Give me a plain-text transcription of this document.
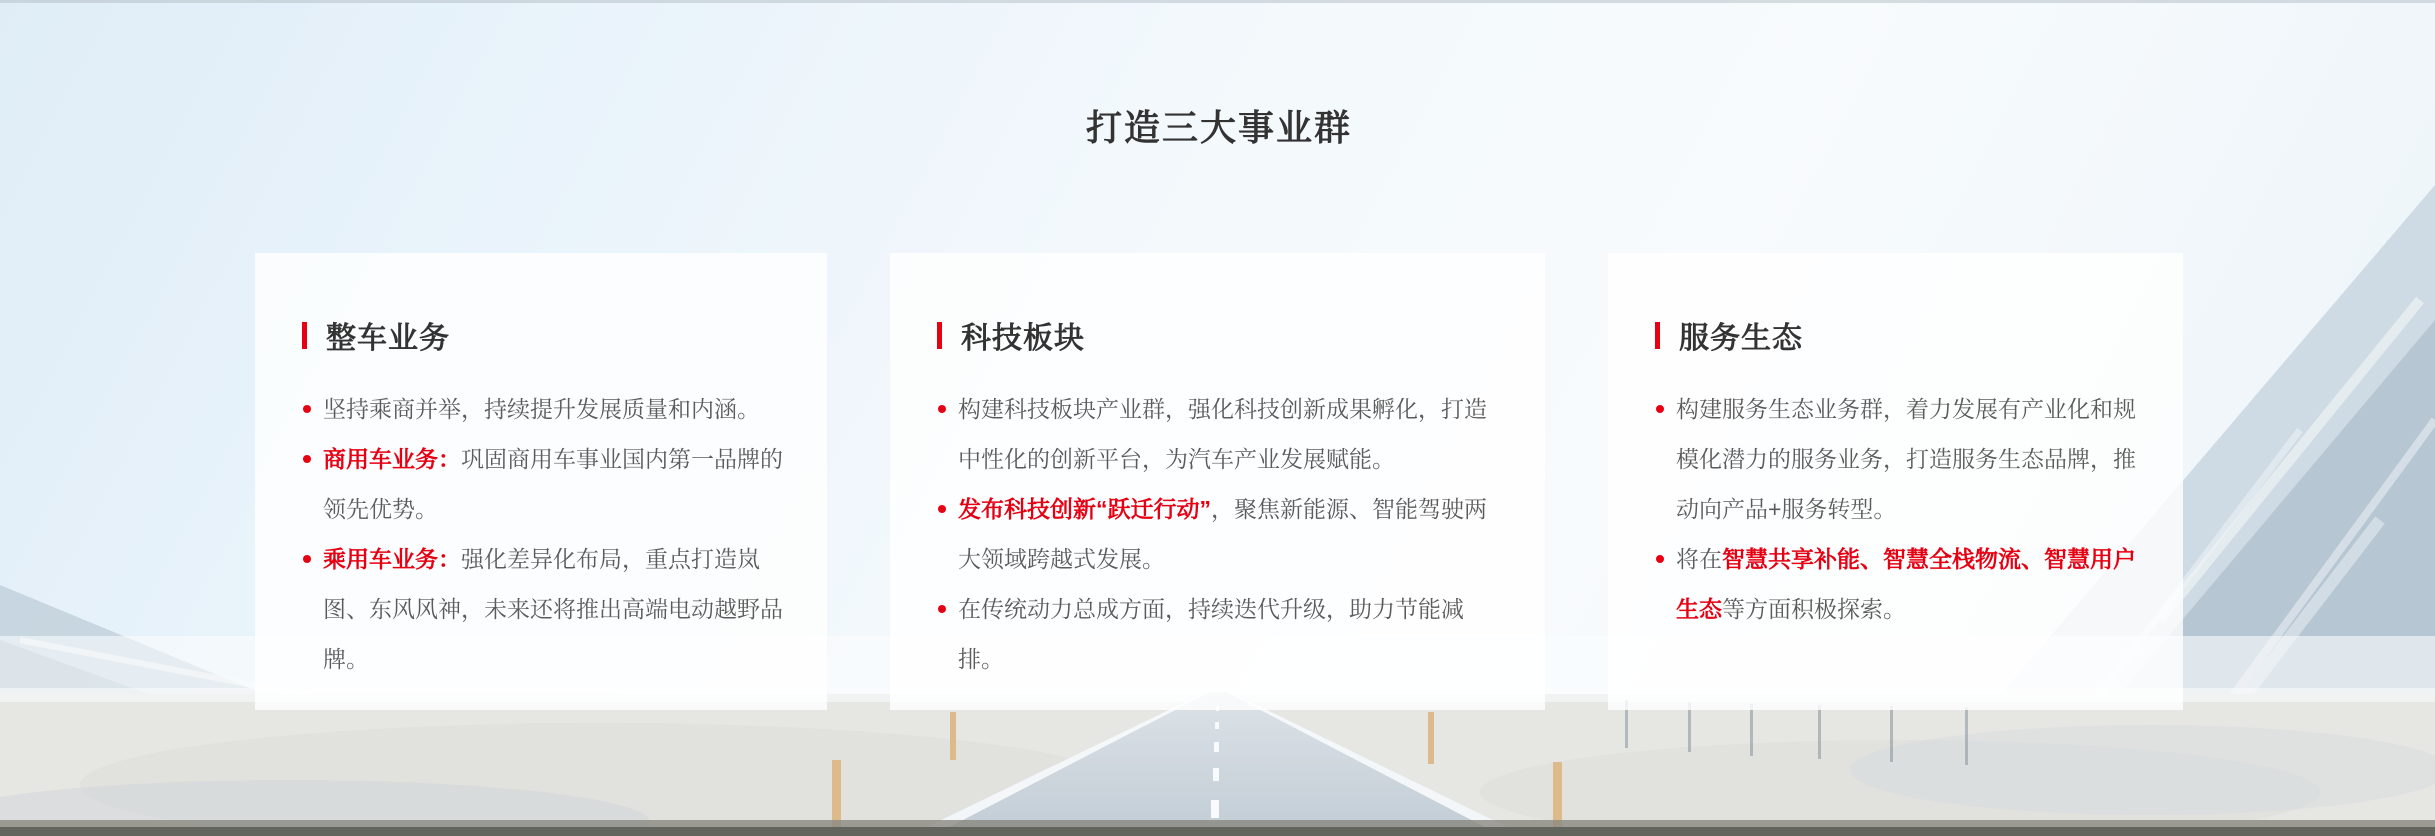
打造三大事业群
整车业务
坚持乘商并举，持续提升发展质量和内涵。
商用车业务：巩固商用车事业国内第一品牌的领先优势。
乘用车业务：强化差异化布局，重点打造岚图、东风风神，未来还将推出高端电动越野品牌。
科技板块
构建科技板块产业群，强化科技创新成果孵化，打造中性化的创新平台，为汽车产业发展赋能。
发布科技创新“跃迁行动”，聚焦新能源、智能驾驶两大领域跨越式发展。
在传统动力总成方面，持续迭代升级，助力节能减排。
服务生态
构建服务生态业务群，着力发展有产业化和规模化潜力的服务业务，打造服务生态品牌，推动向产品+服务转型。
将在智慧共享补能、智慧全栈物流、智慧用户生态等方面积极探索。
